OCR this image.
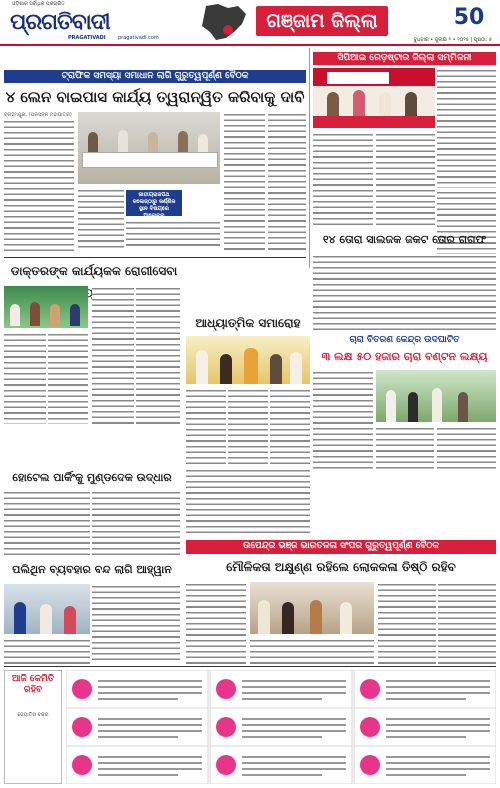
ଓଡ଼ିଶାର ସର୍ବାଧିକ ପ୍ରଚାରିତ
ପ୍ରଗତିବାଦୀ
PRAGATIVADI pragativadi.com
ଗଞ୍ଜାମ ଜିଲ୍ଲା	50
ବୁଧବାର • ଜୁଲାଇ ୨ • ୨୦୨୫ | ପୃଷ୍ଠା: ୫
ଟ୍ରାଫିକ ସମସ୍ୟା ସମାଧାନ ଲାଗି ଗୁରୁତ୍ୱପୂର୍ଣ୍ଣ ବୈଠକ
୪ ଲେନ ବାଇପାସ କାର୍ଯ୍ୟ ତ୍ୱରାନ୍ୱିତ କରିବାକୁ ଦାବି
ବ୍ରହ୍ମପୁର, (ପ୍ରସନ୍ନ ମହାପାତ୍ର)

ଜାତୀୟରାଜପଥ କଲେଜ୍ଠାରୁ କର୍ଣ୍ଣିକ ସ୍ଥାନ ବିଷୟରେ ଆଲୋଚନା

ସିପିଆଇ ରେଡ଼ଷ୍ଟାର ଜିଲ୍ଲା ସମ୍ମିଳନୀ

୧୪ ତୋରା ସାଲଜକ ଜକଟ ତୋର ଗଗଫ

ଡାକ୍ତରଙ୍କ କାର୍ଯ୍ୟକକ ରୋଗୀସେବା

ଆଧ୍ୟାତ୍ମିକ ସମାରୋହ

ଚାରା ବିତରଣ କେନ୍ଦ୍ର ଉଦଘାଟିତ
୩ ଲକ୍ଷ ୫୦ ହଜାର ଚାରା ବଣ୍ଟନ ଲକ୍ଷ୍ୟ

ହୋଟେଲ ପାର୍କିଂକୁ ମୁଣ୍ଡଦେକ ଉଦ୍ଧାର

ଉପେନ୍ଦ୍ର ଭଞ୍ଜ ଭାରତଳଳା ସଂଘର ଗୁରୁତ୍ୱପୂର୍ଣ୍ଣ ବୈଠକ
ମୌଳିକତା ଅକ୍ଷୁଣ୍ଣ ରହିଲେ ଲୋକକଳା ତିଷ୍ଠି ରହିବ

ପଲିଥିନ ବ୍ୟବହାର ବନ୍ଦ ଲାଗି ଆହ୍ୱାନ

ଆଜି କେମିତି ରହିବ
ଜ୍ୟୋତିଷ ଚକ୍ର
